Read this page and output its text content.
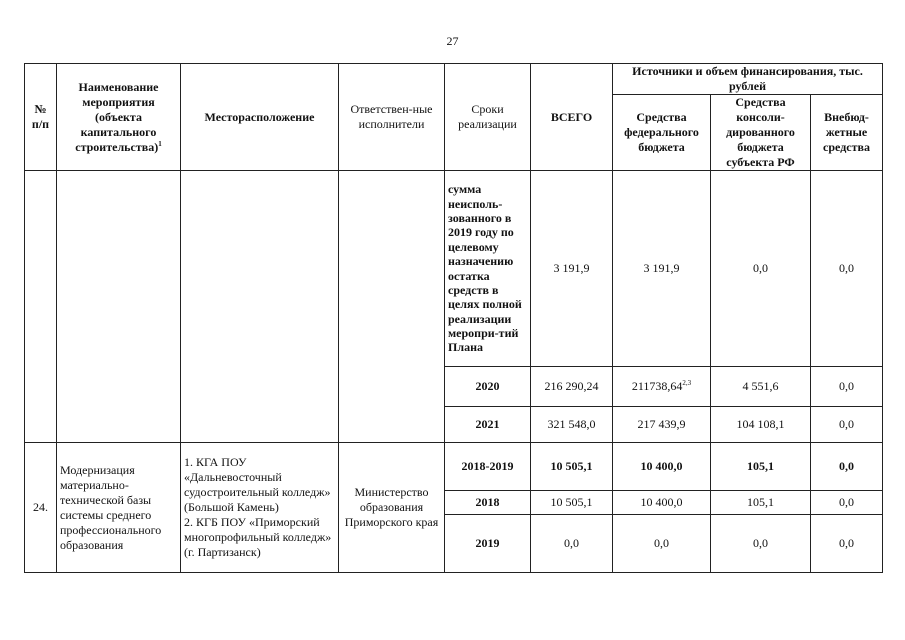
27
№
п/п	Наименование мероприятия (объекта капитального строительства)$^1$	Месторасположение	Ответствен-ные исполнители	Сроки реализации	ВСЕГО	Источники и объем финансирования, тыс. рублей		
						Средства федерального бюджета	Средства консоли-дированного бюджета субъекта РФ	Внебюд-жетные средства
				сумма неисполь-зованного в 2019 году по целевому назначению остатка средств в целях полной реализации меропри-тий Плана	3 191,9	3 191,9	0,0	0,0
				2020	216 290,24	211738,64$^{2,3}$	4 551,6	0,0
				2021	321 548,0	217 439,9	104 108,1	0,0
24.	Модернизация материально-технической базы системы среднего профессионального образования	1. КГА ПОУ «Дальневосточный судостроительный колледж» (Большой Камень)
2. КГБ ПОУ «Приморский многопрофильный колледж» (г. Партизанск)	Министерство образования Приморского края	2018-2019	10 505,1	10 400,0	105,1	0,0
				2018	10 505,1	10 400,0	105,1	0,0
				2019	0,0	0,0	0,0	0,0
